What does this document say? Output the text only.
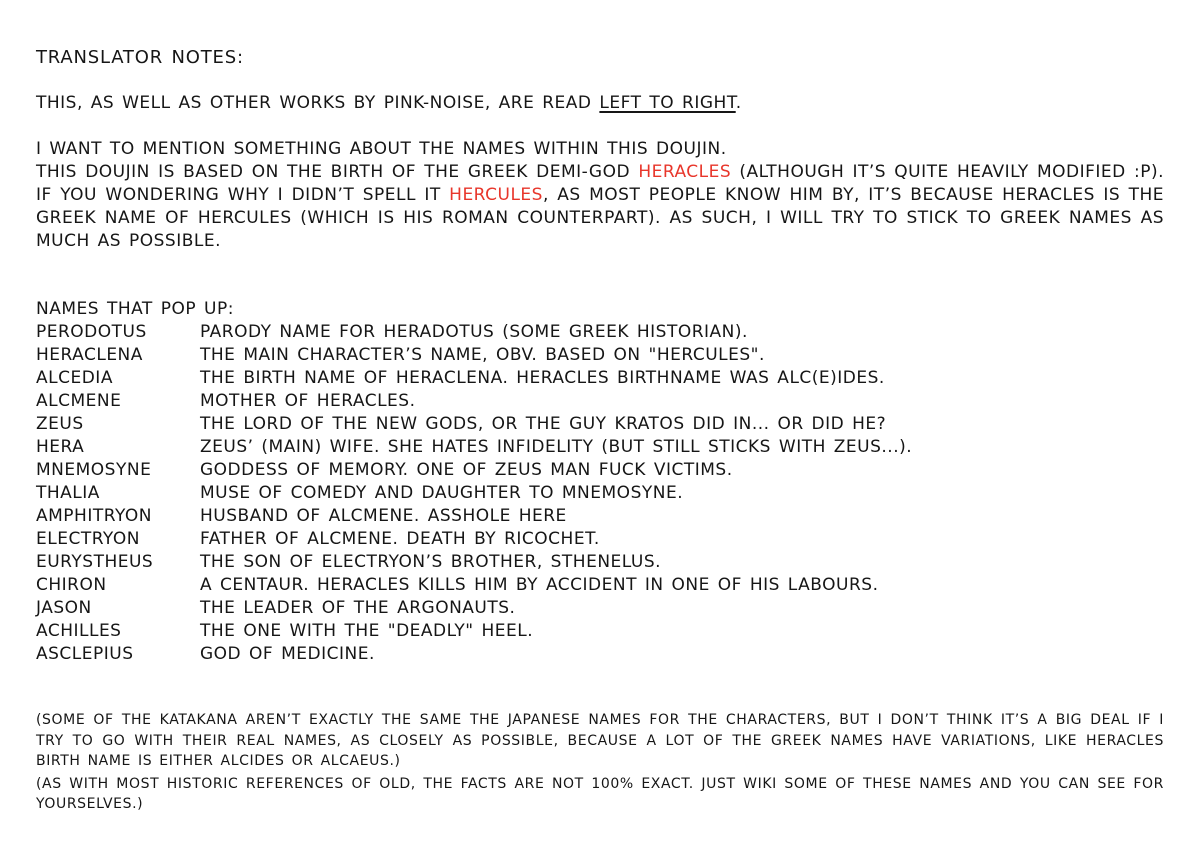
TRANSLATOR NOTES:
THIS, AS WELL AS OTHER WORKS BY PINK-NOISE, ARE READ LEFT TO RIGHT.
I WANT TO MENTION SOMETHING ABOUT THE NAMES WITHIN THIS DOUJIN.
THIS DOUJIN IS BASED ON THE BIRTH OF THE GREEK DEMI-GOD HERACLES (ALTHOUGH IT’S QUITE HEAVILY MODIFIED :P). IF YOU WONDERING WHY I DIDN’T SPELL IT HERCULES, AS MOST PEOPLE KNOW HIM BY, IT’S BECAUSE HERACLES IS THE GREEK NAME OF HERCULES (WHICH IS HIS ROMAN COUNTERPART). AS SUCH, I WILL TRY TO STICK TO GREEK NAMES AS MUCH AS POSSIBLE.
NAMES THAT POP UP:
PERODOTUS	PARODY NAME FOR HERADOTUS (SOME GREEK HISTORIAN).
HERACLENA	THE MAIN CHARACTER’S NAME, OBV. BASED ON "HERCULES".
ALCEDIA	THE BIRTH NAME OF HERACLENA. HERACLES BIRTHNAME WAS ALC(E)IDES.
ALCMENE	MOTHER OF HERACLES.
ZEUS	THE LORD OF THE NEW GODS, OR THE GUY KRATOS DID IN... OR DID HE?
HERA	ZEUS’ (MAIN) WIFE. SHE HATES INFIDELITY (BUT STILL STICKS WITH ZEUS...).
MNEMOSYNE	GODDESS OF MEMORY. ONE OF ZEUS MAN FUCK VICTIMS.
THALIA	MUSE OF COMEDY AND DAUGHTER TO MNEMOSYNE.
AMPHITRYON	HUSBAND OF ALCMENE. ASSHOLE HERE
ELECTRYON	FATHER OF ALCMENE. DEATH BY RICOCHET.
EURYSTHEUS	THE SON OF ELECTRYON’S BROTHER, STHENELUS.
CHIRON	A CENTAUR. HERACLES KILLS HIM BY ACCIDENT IN ONE OF HIS LABOURS.
JASON	THE LEADER OF THE ARGONAUTS.
ACHILLES	THE ONE WITH THE "DEADLY" HEEL.
ASCLEPIUS	GOD OF MEDICINE.
(SOME OF THE KATAKANA AREN’T EXACTLY THE SAME THE JAPANESE NAMES FOR THE CHARACTERS, BUT I DON’T THINK IT’S A BIG DEAL IF I TRY TO GO WITH THEIR REAL NAMES, AS CLOSELY AS POSSIBLE, BECAUSE A LOT OF THE GREEK NAMES HAVE VARIATIONS, LIKE HERACLES BIRTH NAME IS EITHER ALCIDES OR ALCAEUS.)
(AS WITH MOST HISTORIC REFERENCES OF OLD, THE FACTS ARE NOT 100% EXACT. JUST WIKI SOME OF THESE NAMES AND YOU CAN SEE FOR YOURSELVES.)
